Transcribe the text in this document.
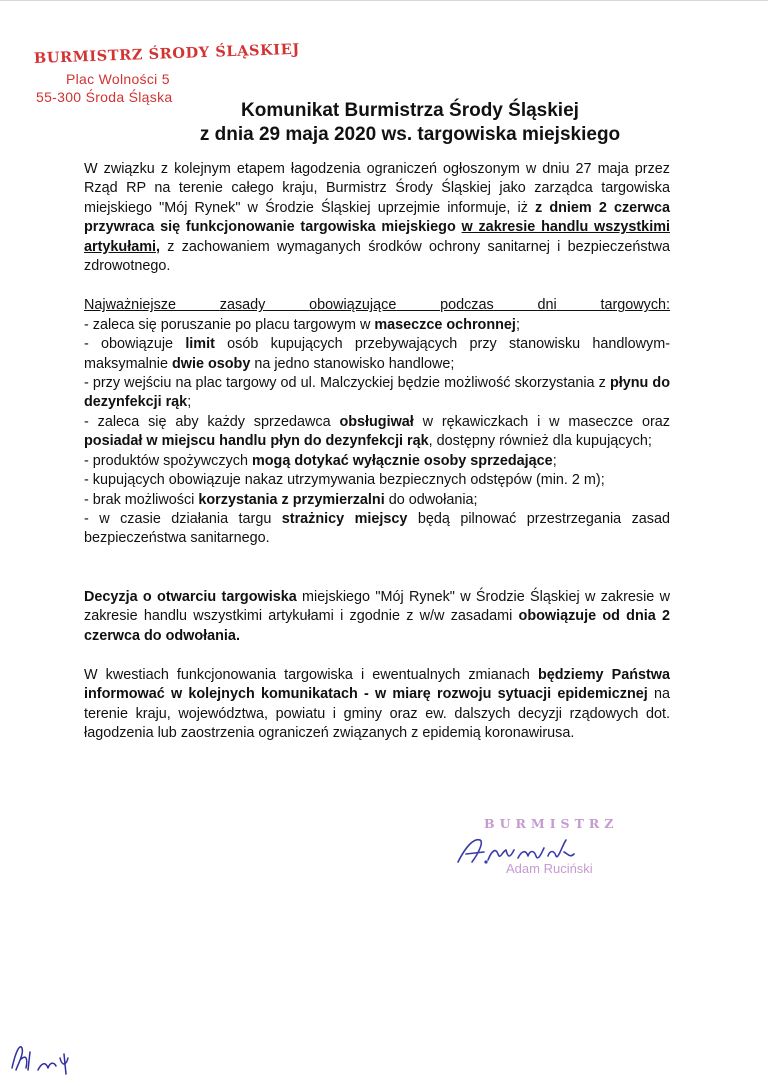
BURMISTRZ ŚRODY ŚLĄSKIEJ
Plac Wolności 5
55-300 Środa Śląska
Komunikat Burmistrza Środy Śląskiej
z dnia 29 maja 2020 ws. targowiska miejskiego

W związku z kolejnym etapem łagodzenia ograniczeń ogłoszonym w dniu 27 maja przez Rząd RP na terenie całego kraju, Burmistrz Środy Śląskiej jako zarządca targowiska miejskiego "Mój Rynek" w Środzie Śląskiej uprzejmie informuje, iż z dniem 2 czerwca przywraca się funkcjonowanie targowiska miejskiego w zakresie handlu wszystkimi artykułami, z zachowaniem wymaganych środków ochrony sanitarnej i bezpieczeństwa zdrowotnego.

Najważniejsze	zasady	obowiązujące	podczas	dni	targowych:
- zaleca się poruszanie po placu targowym w maseczce ochronnej;
- obowiązuje limit osób kupujących przebywających przy stanowisku handlowym- maksymalnie dwie osoby na jedno stanowisko handlowe;
- przy wejściu na plac targowy od ul. Malczyckiej będzie możliwość skorzystania z płynu do dezynfekcji rąk;
- zaleca się aby każdy sprzedawca obsługiwał w rękawiczkach i w maseczce oraz posiadał w miejscu handlu płyn do dezynfekcji rąk, dostępny również dla kupujących;
- produktów spożywczych mogą dotykać wyłącznie osoby sprzedające;
- kupujących obowiązuje nakaz utrzymywania bezpiecznych odstępów (min. 2 m);
- brak możliwości korzystania z przymierzalni do odwołania;
- w czasie działania targu strażnicy miejscy będą pilnować przestrzegania zasad bezpieczeństwa sanitarnego.

Decyzja o otwarciu targowiska miejskiego "Mój Rynek" w Środzie Śląskiej w zakresie w zakresie handlu wszystkimi artykułami i zgodnie z w/w zasadami obowiązuje od dnia 2 czerwca do odwołania.

W kwestiach funkcjonowania targowiska i ewentualnych zmianach będziemy Państwa informować w kolejnych komunikatach - w miarę rozwoju sytuacji epidemicznej na terenie kraju, województwa, powiatu i gminy oraz ew. dalszych decyzji rządowych dot. łagodzenia lub zaostrzenia ograniczeń związanych z epidemią koronawirusa.

BURMISTRZ
Adam Ruciński
